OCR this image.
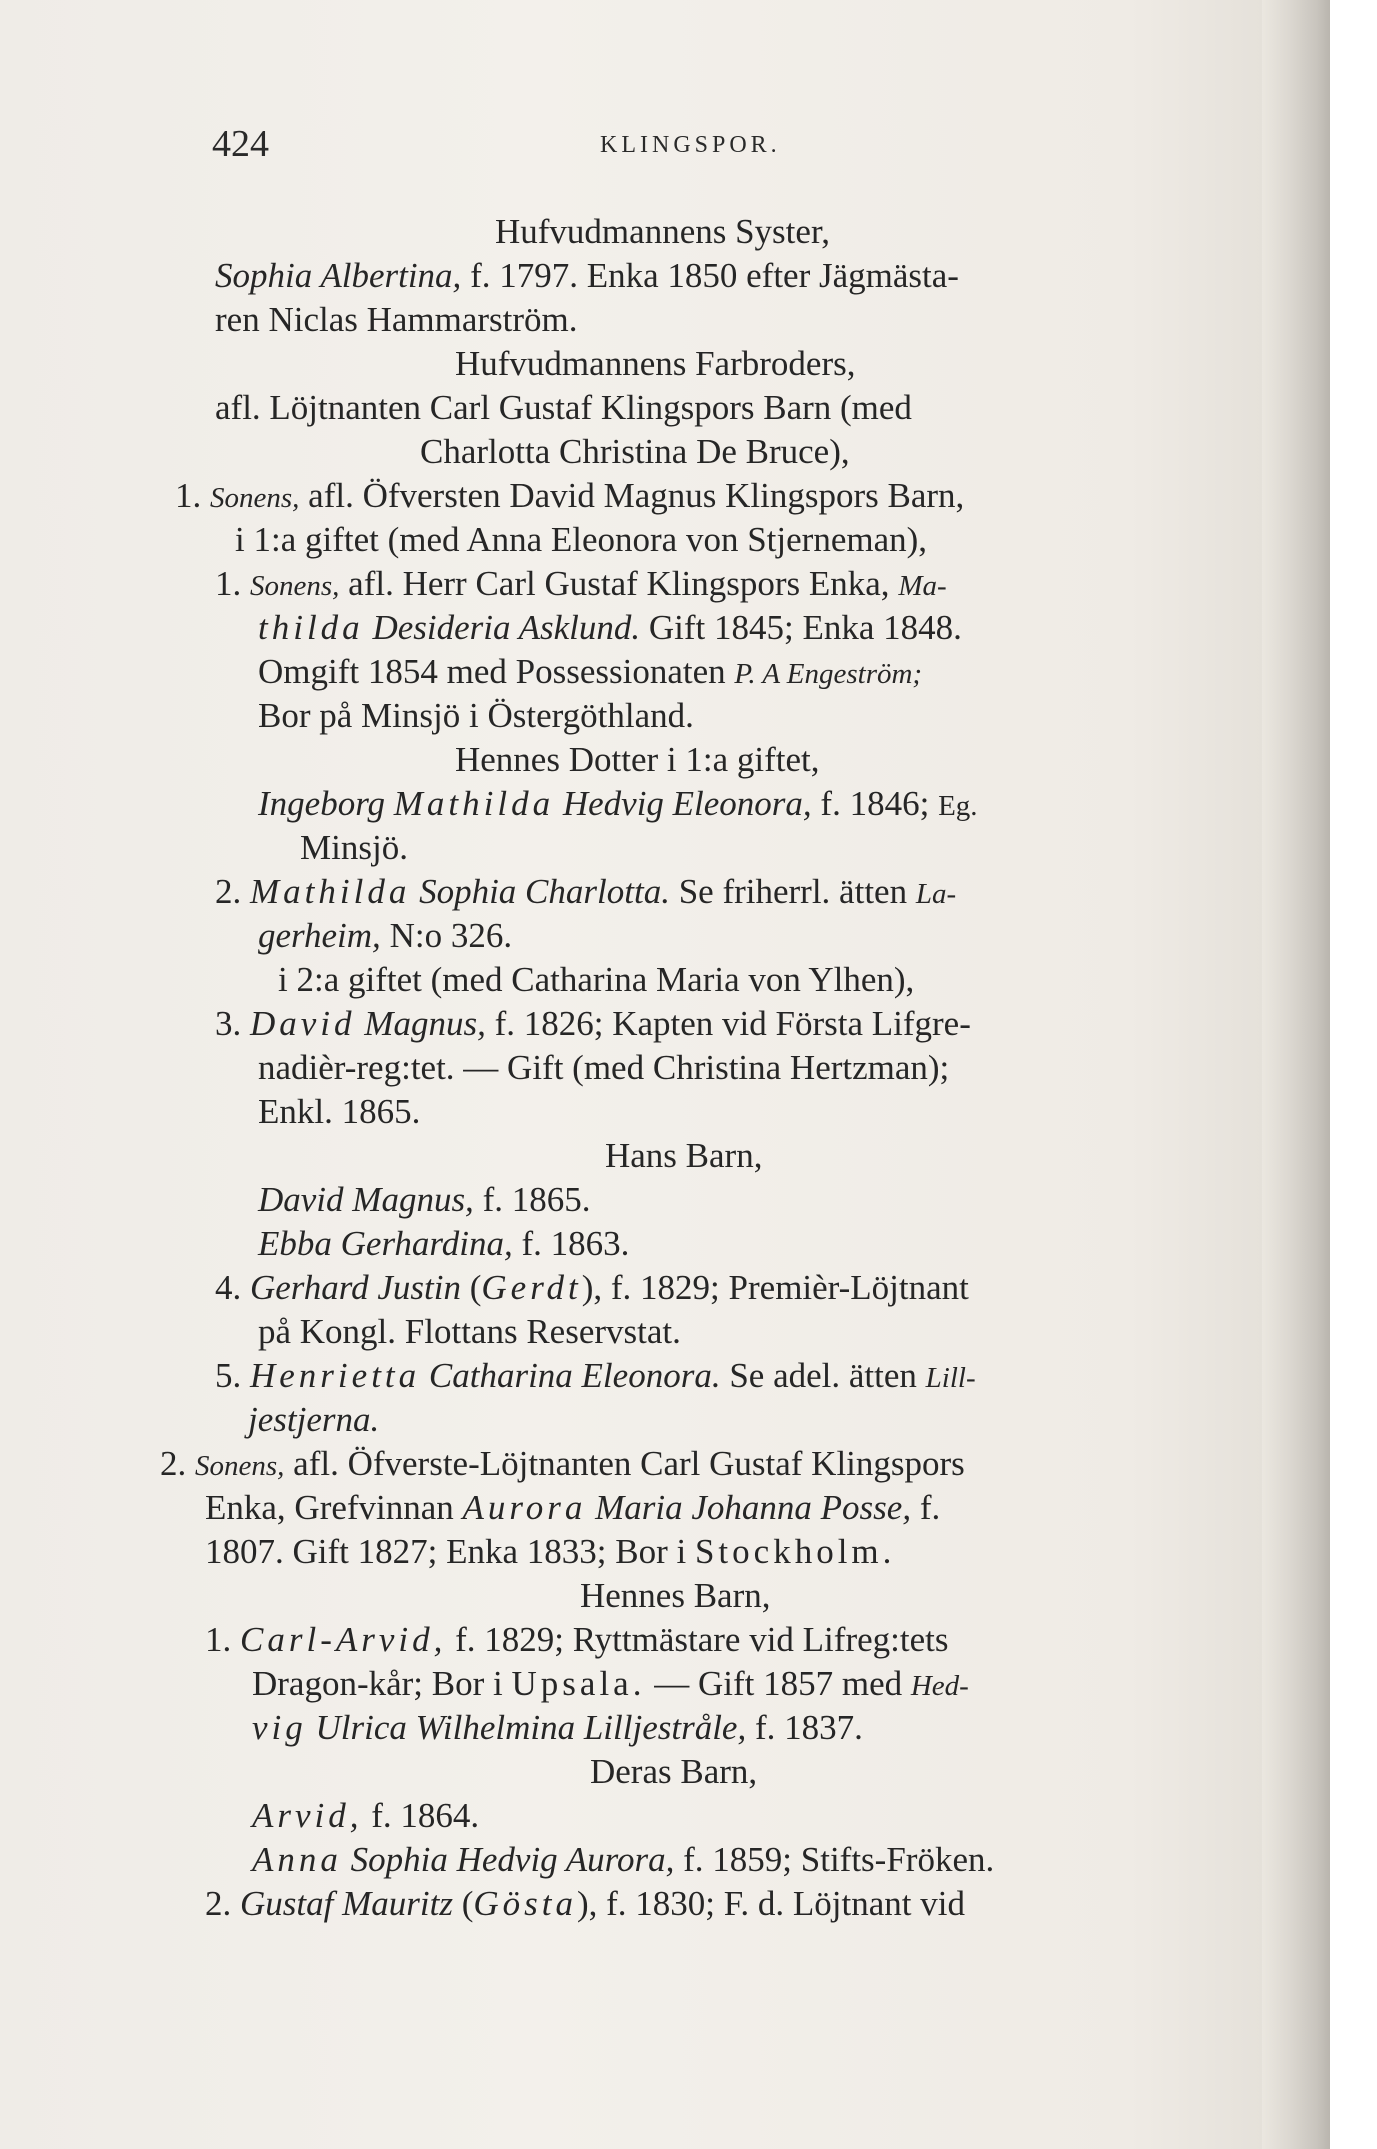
424	KLINGSPOR.
Hufvudmannens Syster,
Sophia Albertina, f. 1797. Enka 1850 efter Jägmästa-
ren Niclas Hammarström.
Hufvudmannens Farbroders,
afl. Löjtnanten Carl Gustaf Klingspors Barn (med
Charlotta Christina De Bruce),
1. Sonens, afl. Öfversten David Magnus Klingspors Barn,
i 1:a giftet (med Anna Eleonora von Stjerneman),
1. Sonens, afl. Herr Carl Gustaf Klingspors Enka, Ma-
thilda Desideria Asklund. Gift 1845; Enka 1848.
Omgift 1854 med Possessionaten P. A Engeström;
Bor på Minsjö i Östergöthland.
Hennes Dotter i 1:a giftet,
Ingeborg Mathilda Hedvig Eleonora, f. 1846; Eg.
Minsjö.
2. Mathilda Sophia Charlotta. Se friherrl. ätten La-
gerheim, N:o 326.
i 2:a giftet (med Catharina Maria von Ylhen),
3. David Magnus, f. 1826; Kapten vid Första Lifgre-
nadièr-reg:tet. — Gift (med Christina Hertzman);
Enkl. 1865.
Hans Barn,
David Magnus, f. 1865.
Ebba Gerhardina, f. 1863.
4. Gerhard Justin (Gerdt), f. 1829; Premièr-Löjtnant
på Kongl. Flottans Reservstat.
5. Henrietta Catharina Eleonora. Se adel. ätten Lill-
jestjerna.
2. Sonens, afl. Öfverste-Löjtnanten Carl Gustaf Klingspors
Enka, Grefvinnan Aurora Maria Johanna Posse, f.
1807. Gift 1827; Enka 1833; Bor i Stockholm.
Hennes Barn,
1. Carl-Arvid, f. 1829; Ryttmästare vid Lifreg:tets
Dragon-kår; Bor i Upsala. — Gift 1857 med Hed-
vig Ulrica Wilhelmina Lilljestråle, f. 1837.
Deras Barn,
Arvid, f. 1864.
Anna Sophia Hedvig Aurora, f. 1859; Stifts-Fröken.
2. Gustaf Mauritz (Gösta), f. 1830; F. d. Löjtnant vid
